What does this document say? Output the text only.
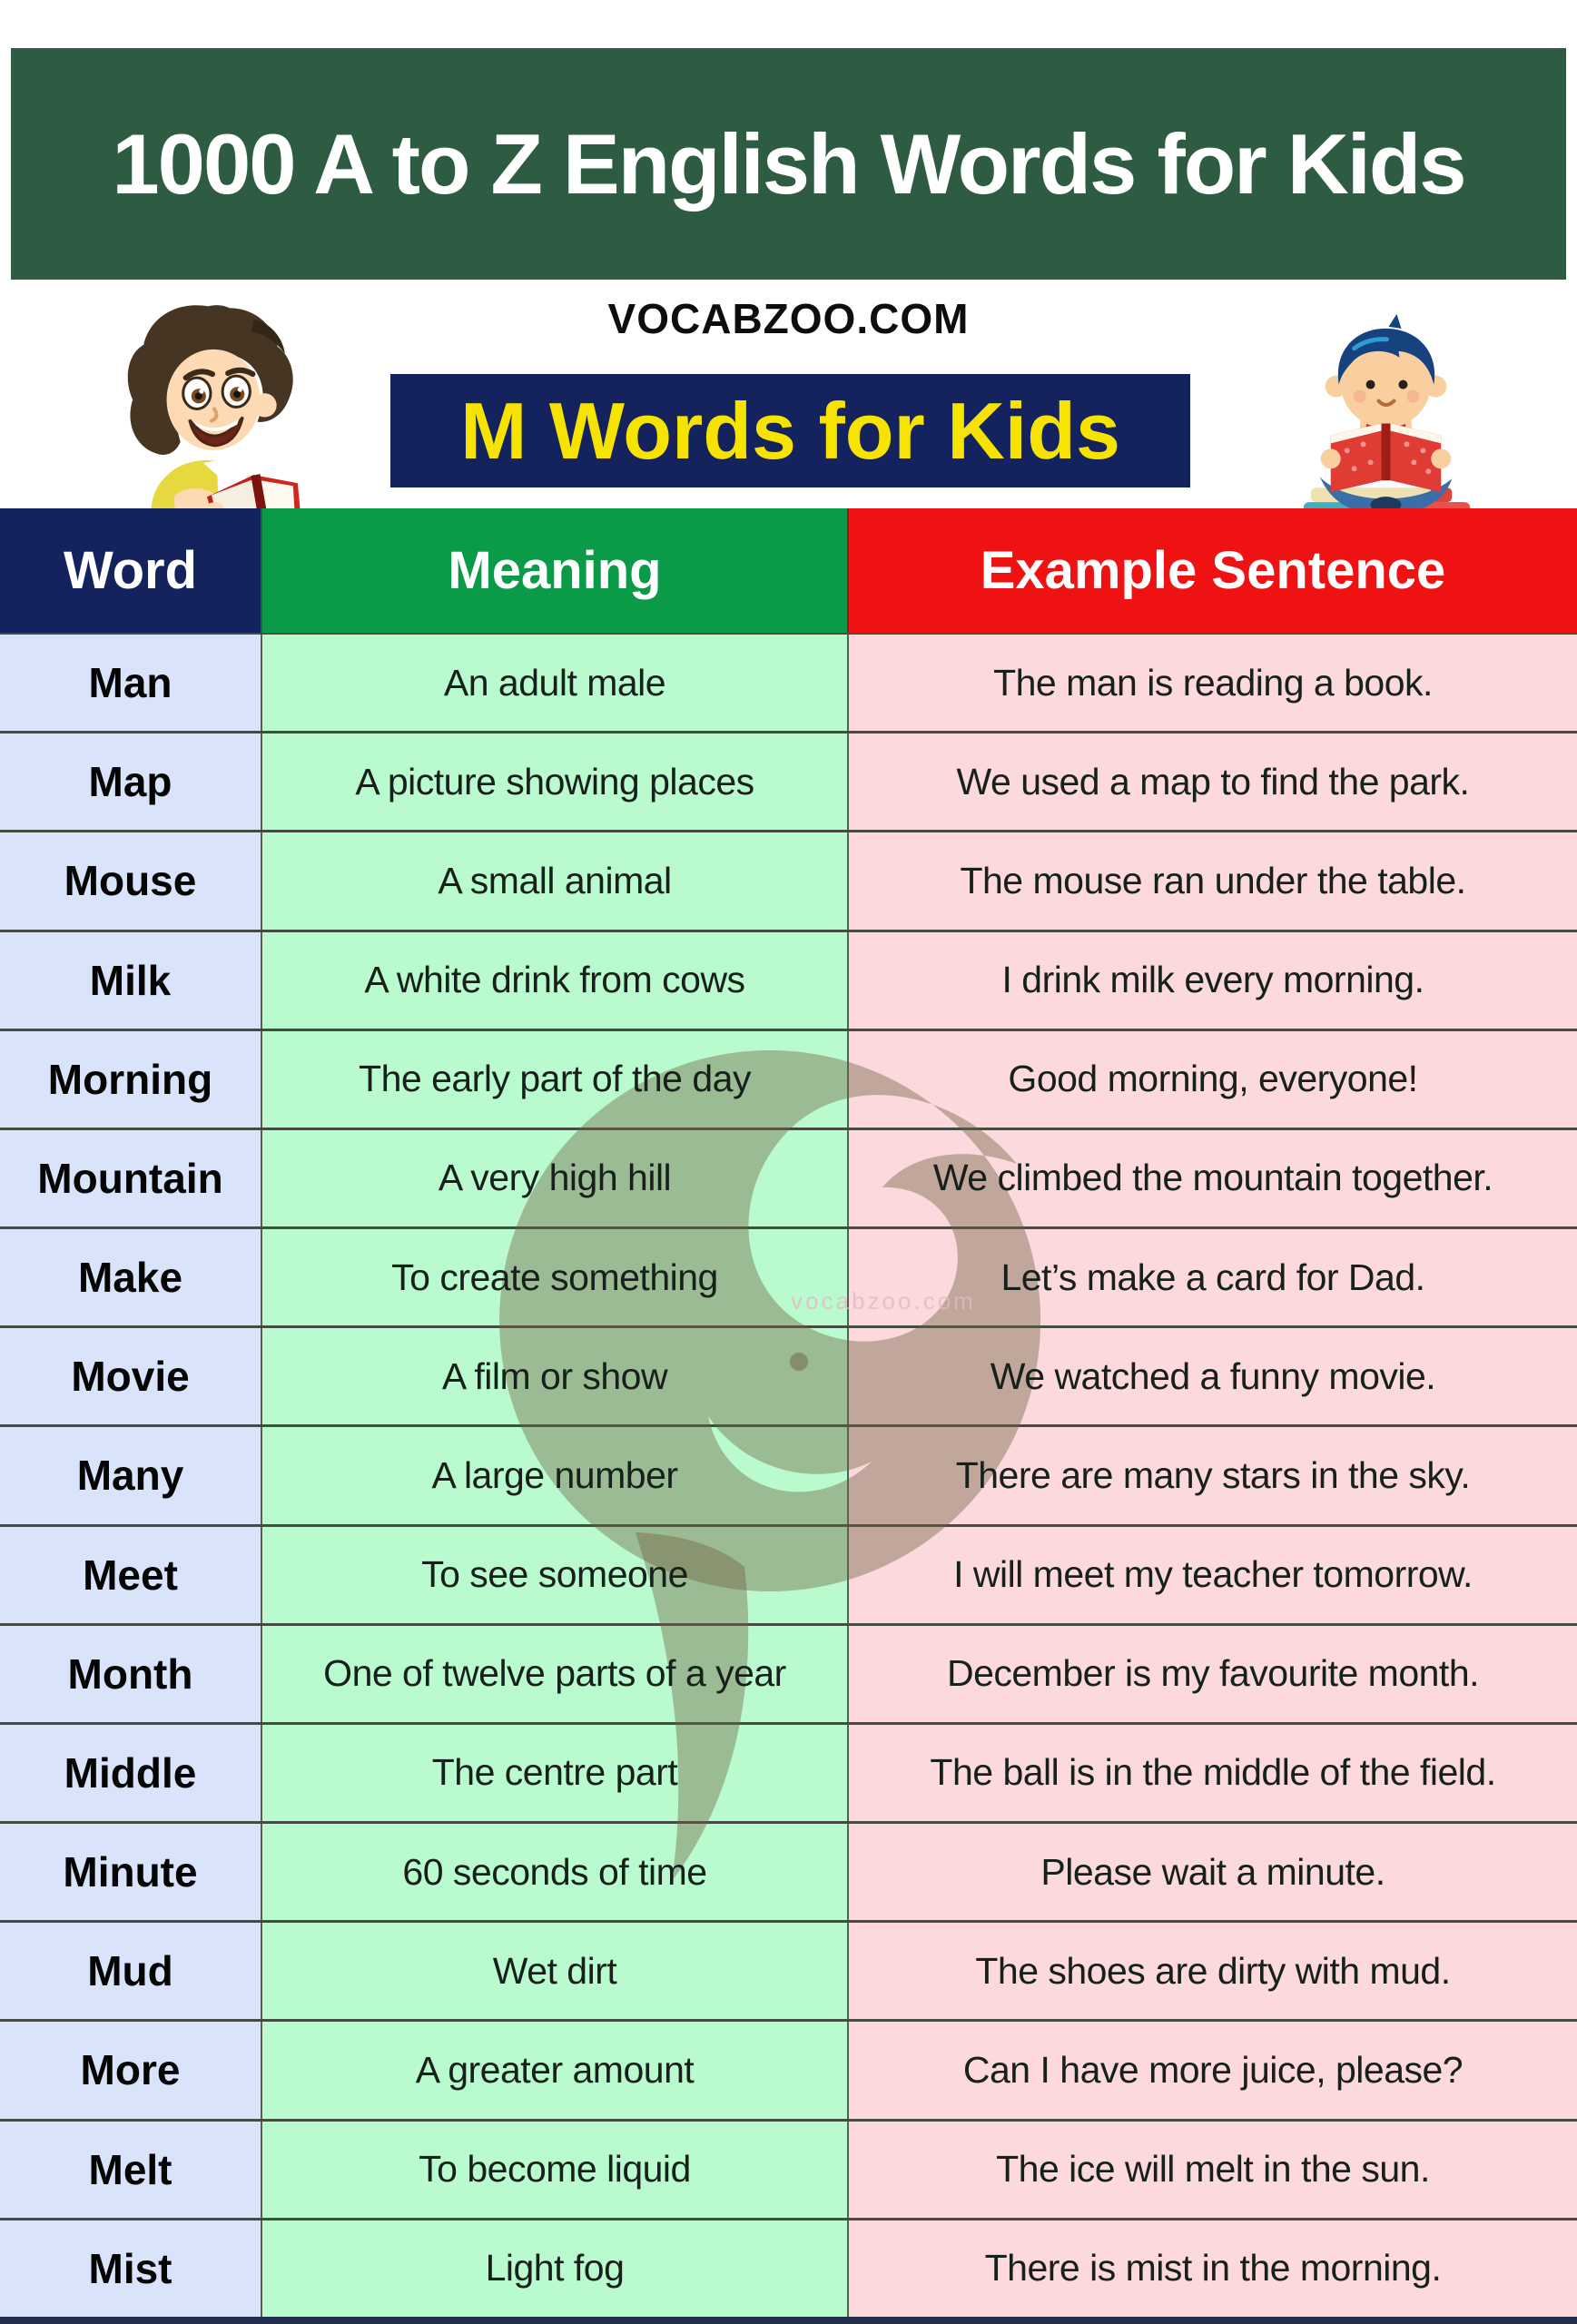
1000 A to Z English Words for Kids
VOCABZOO.COM
M Words for Kids
Word	Meaning	Example Sentence
Man	An adult male	The man is reading a book.
Map	A picture showing places	We used a map to find the park.
Mouse	A small animal	The mouse ran under the table.
Milk	A white drink from cows	I drink milk every morning.
Morning	The early part of the day	Good morning, everyone!
Mountain	A very high hill	We climbed the mountain together.
Make	To create something	Let’s make a card for Dad.
Movie	A film or show	We watched a funny movie.
Many	A large number	There are many stars in the sky.
Meet	To see someone	I will meet my teacher tomorrow.
Month	One of twelve parts of a year	December is my favourite month.
Middle	The centre part	The ball is in the middle of the field.
Minute	60 seconds of time	Please wait a minute.
Mud	Wet dirt	The shoes are dirty with mud.
More	A greater amount	Can I have more juice, please?
Melt	To become liquid	The ice will melt in the sun.
Mist	Light fog	There is mist in the morning.
vocabzoo.com
